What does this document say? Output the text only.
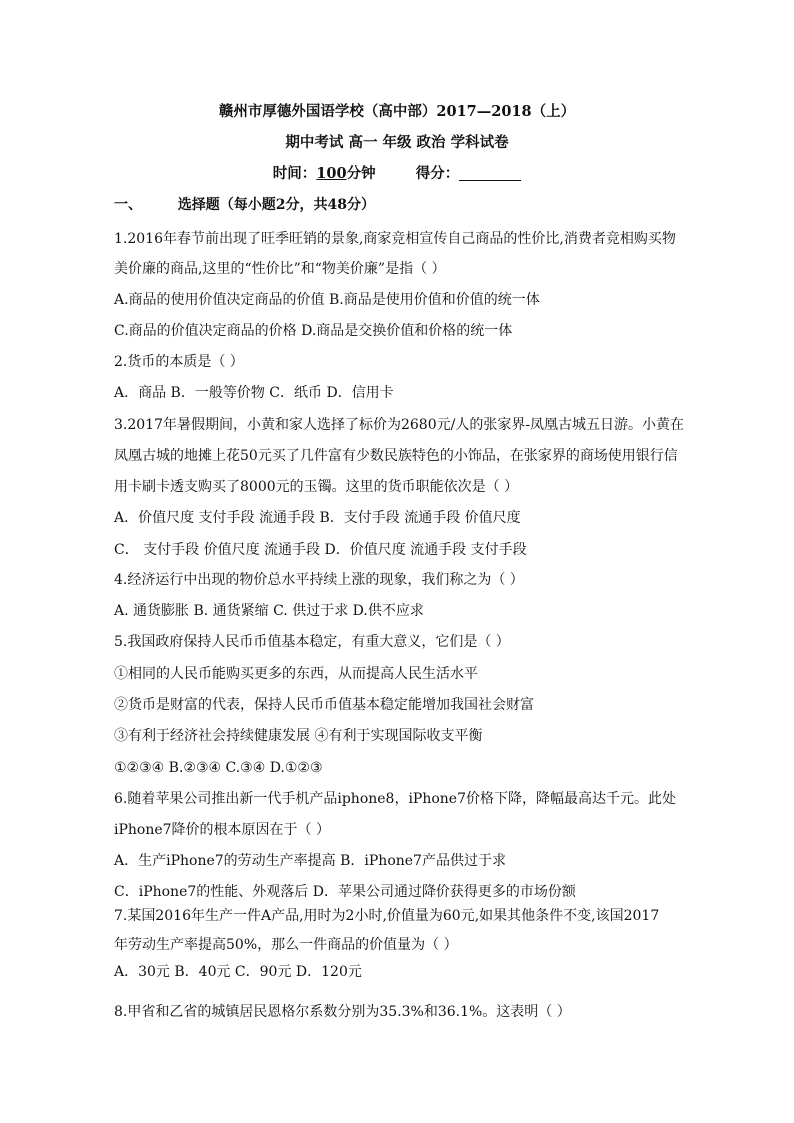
赣州市厚德外国语学校（高中部）2017—2018（上）
期中考试 高一 年级 政治 学科试卷
时间：100分钟	得分：
一、	选择题（每小题2分，共48分）
1.2016年春节前出现了旺季旺销的景象,商家竞相宣传自己商品的性价比,消费者竞相购买物
美价廉的商品,这里的“性价比”和“物美价廉”是指（ ）
A.商品的使用价值决定商品的价值 B.商品是使用价值和价值的统一体
C.商品的价值决定商品的价格 D.商品是交换价值和价格的统一体
2.货币的本质是（ ）
A．商品 B．一般等价物 C．纸币 D．信用卡
3.2017年暑假期间，小黄和家人选择了标价为2680元/人的张家界-凤凰古城五日游。小黄在
凤凰古城的地摊上花50元买了几件富有少数民族特色的小饰品，在张家界的商场使用银行信
用卡刷卡透支购买了8000元的玉镯。这里的货币职能依次是（ ）
A．价值尺度 支付手段 流通手段 B．支付手段 流通手段 价值尺度
C． 支付手段 价值尺度 流通手段 D．价值尺度 流通手段 支付手段
4.经济运行中出现的物价总水平持续上涨的现象，我们称之为（ ）
A. 通货膨胀 B. 通货紧缩 C. 供过于求 D.供不应求
5.我国政府保持人民币币值基本稳定，有重大意义，它们是（ ）
①相同的人民币能购买更多的东西，从而提高人民生活水平
②货币是财富的代表，保持人民币币值基本稳定能增加我国社会财富
③有利于经济社会持续健康发展 ④有利于实现国际收支平衡
①②③④ B.②③④ C.③④ D.①②③
6.随着苹果公司推出新一代手机产品iphone8，iPhone7价格下降，降幅最高达千元。此处
iPhone7降价的根本原因在于（ ）
A．生产iPhone7的劳动生产率提高 B．iPhone7产品供过于求
C．iPhone7的性能、外观落后 D．苹果公司通过降价获得更多的市场份额
7.某国2016年生产一件A产品,用时为2小时,价值量为60元,如果其他条件不变,该国2017
年劳动生产率提高50%，那么一件商品的价值量为（ ）
A．30元 B．40元 C．90元 D．120元
8.甲省和乙省的城镇居民恩格尔系数分别为35.3%和36.1%。这表明（ ）
